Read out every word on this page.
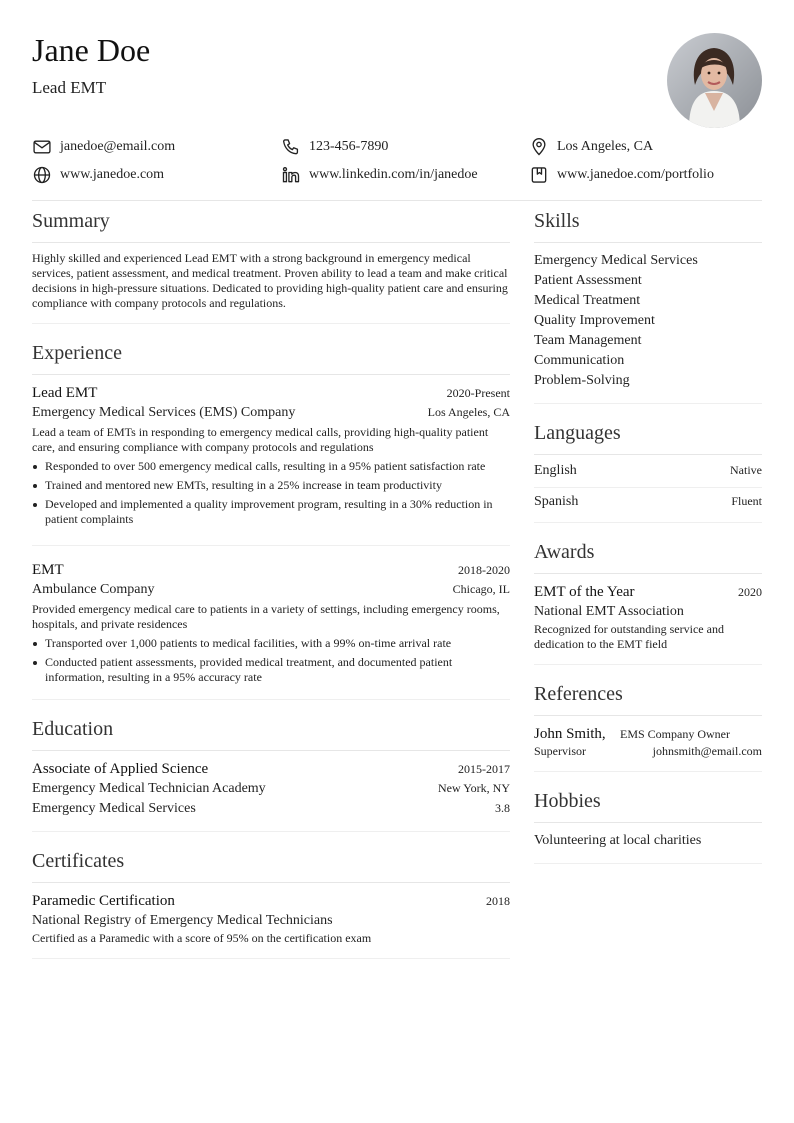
Jane Doe
Lead EMT
janedoe@email.com	123-456-7890	Los Angeles, CA
www.janedoe.com	www.linkedin.com/in/janedoe	www.janedoe.com/portfolio
Summary
Highly skilled and experienced Lead EMT with a strong background in emergency medical services, patient assessment, and medical treatment. Proven ability to lead a team and make critical decisions in high-pressure situations. Dedicated to providing high-quality patient care and ensuring compliance with company protocols and regulations.
Experience
Lead EMT	2020-Present
Emergency Medical Services (EMS) Company	Los Angeles, CA
Lead a team of EMTs in responding to emergency medical calls, providing high-quality patient care, and ensuring compliance with company protocols and regulations
Responded to over 500 emergency medical calls, resulting in a 95% patient satisfaction rate
Trained and mentored new EMTs, resulting in a 25% increase in team productivity
Developed and implemented a quality improvement program, resulting in a 30% reduction in patient complaints
EMT	2018-2020
Ambulance Company	Chicago, IL
Provided emergency medical care to patients in a variety of settings, including emergency rooms, hospitals, and private residences
Transported over 1,000 patients to medical facilities, with a 99% on-time arrival rate
Conducted patient assessments, provided medical treatment, and documented patient information, resulting in a 95% accuracy rate
Education
Associate of Applied Science	2015-2017
Emergency Medical Technician Academy	New York, NY
Emergency Medical Services	3.8
Certificates
Paramedic Certification	2018
National Registry of Emergency Medical Technicians
Certified as a Paramedic with a score of 95% on the certification exam
Skills
Emergency Medical Services
Patient Assessment
Medical Treatment
Quality Improvement
Team Management
Communication
Problem-Solving
Languages
English	Native
Spanish	Fluent
Awards
EMT of the Year	2020
National EMT Association
Recognized for outstanding service and dedication to the EMT field
References
John Smith, EMS Company Owner
Supervisor	johnsmith@email.com
Hobbies
Volunteering at local charities
